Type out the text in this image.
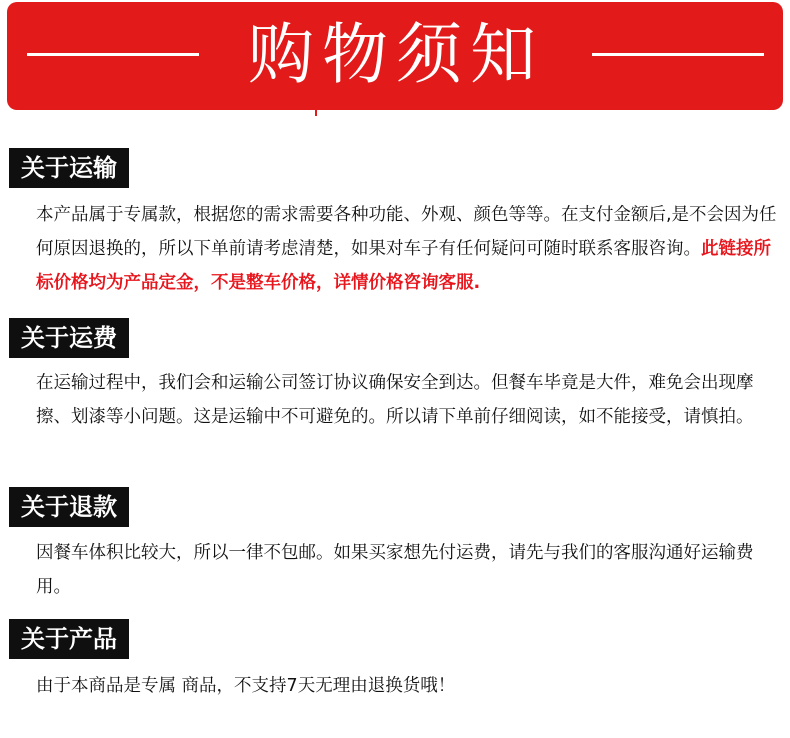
购物须知
关于运输
本产品属于专属款，根据您的需求需要各种功能、外观、颜色等等。在支付金额后,是不会因为任何原因退换的，所以下单前请考虑清楚，如果对车子有任何疑问可随时联系客服咨询。此链接所标价格均为产品定金，不是整车价格，详情价格咨询客服.
关于运费
在运输过程中，我们会和运输公司签订协议确保安全到达。但餐车毕竟是大件，难免会出现摩擦、划漆等小问题。这是运输中不可避免的。所以请下单前仔细阅读，如不能接受，请慎拍。
关于退款
因餐车体积比较大，所以一律不包邮。如果买家想先付运费，请先与我们的客服沟通好运输费用。
关于产品
由于本商品是专属 商品，不支持7天无理由退换货哦！
